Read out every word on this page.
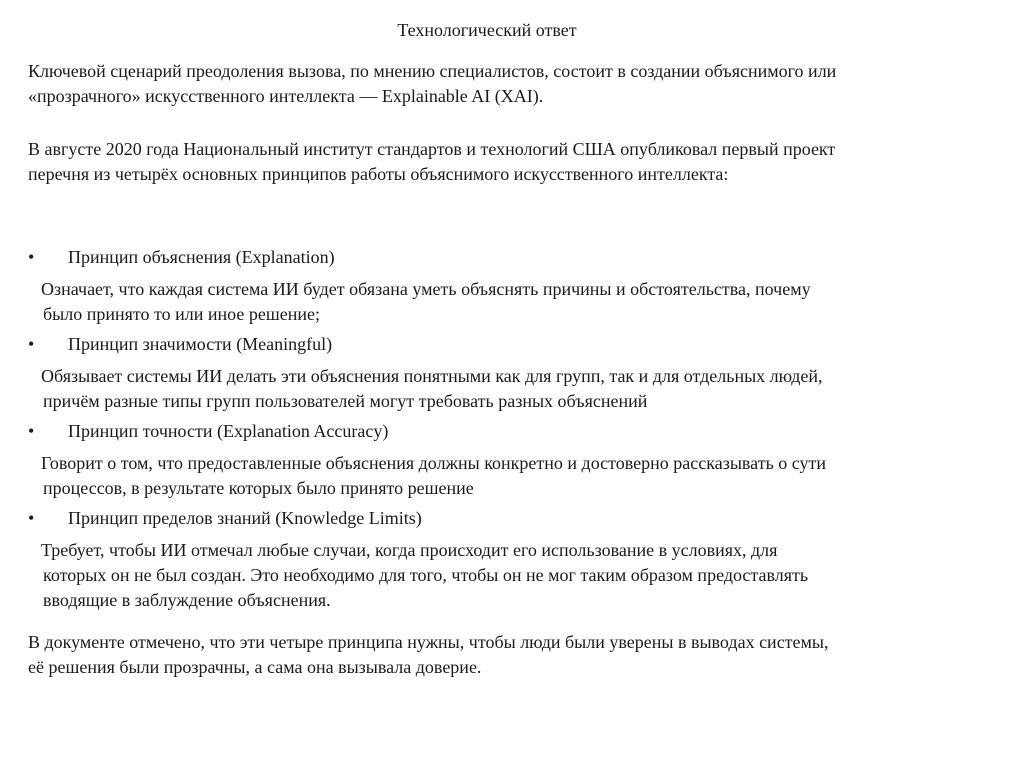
Технологический ответ
Ключевой сценарий преодоления вызова, по мнению специалистов, состоит в создании объяснимого или
«прозрачного» искусственного интеллекта — Explainable AI (XAI).
В августе 2020 года Национальный институт стандартов и технологий США опубликовал первый проект
перечня из четырёх основных принципов работы объяснимого искусственного интеллекта:
• Принцип объяснения (Explanation)
Означает, что каждая система ИИ будет обязана уметь объяснять причины и обстоятельства, почему
было принято то или иное решение;
• Принцип значимости (Meaningful)
Обязывает системы ИИ делать эти объяснения понятными как для групп, так и для отдельных людей,
причём разные типы групп пользователей могут требовать разных объяснений
• Принцип точности (Explanation Accuracy)
Говорит о том, что предоставленные объяснения должны конкретно и достоверно рассказывать о сути
процессов, в результате которых было принято решение
• Принцип пределов знаний (Knowledge Limits)
Требует, чтобы ИИ отмечал любые случаи, когда происходит его использование в условиях, для
которых он не был создан. Это необходимо для того, чтобы он не мог таким образом предоставлять
вводящие в заблуждение объяснения.
В документе отмечено, что эти четыре принципа нужны, чтобы люди были уверены в выводах системы,
её решения были прозрачны, а сама она вызывала доверие.
